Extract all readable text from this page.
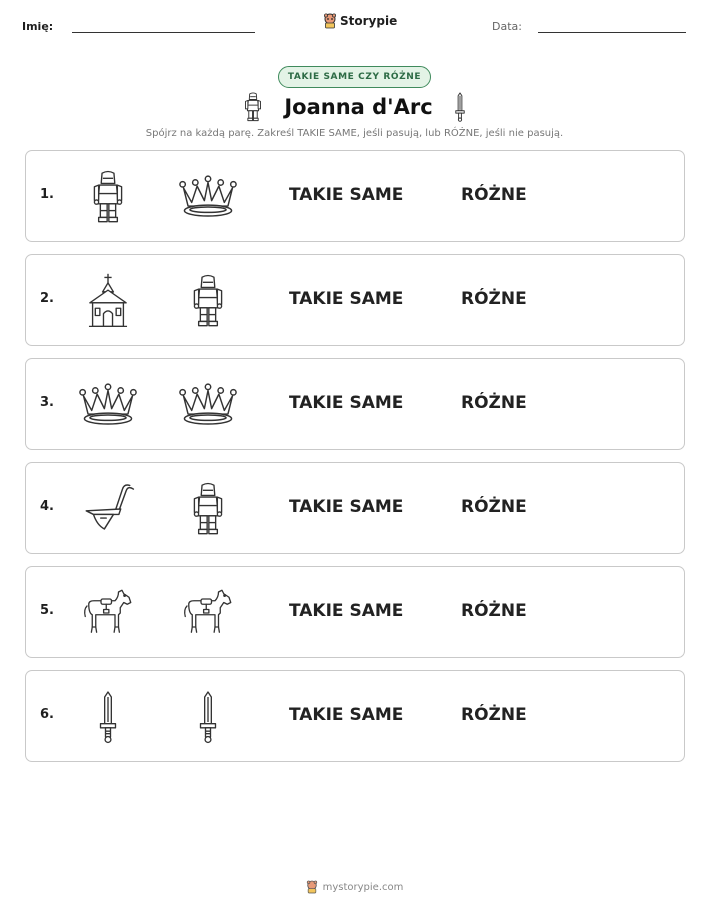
Imię:	Storypie	Data:
TAKIE SAME CZY RÓŻNE
Joanna d'Arc
Spójrz na każdą parę. Zakreśl TAKIE SAME, jeśli pasują, lub RÓŻNE, jeśli nie pasują.
1.	TAKIE SAME	RÓŻNE
2.	TAKIE SAME	RÓŻNE
3.	TAKIE SAME	RÓŻNE
4.	TAKIE SAME	RÓŻNE
5.	TAKIE SAME	RÓŻNE
6.	TAKIE SAME	RÓŻNE
mystorypie.com
